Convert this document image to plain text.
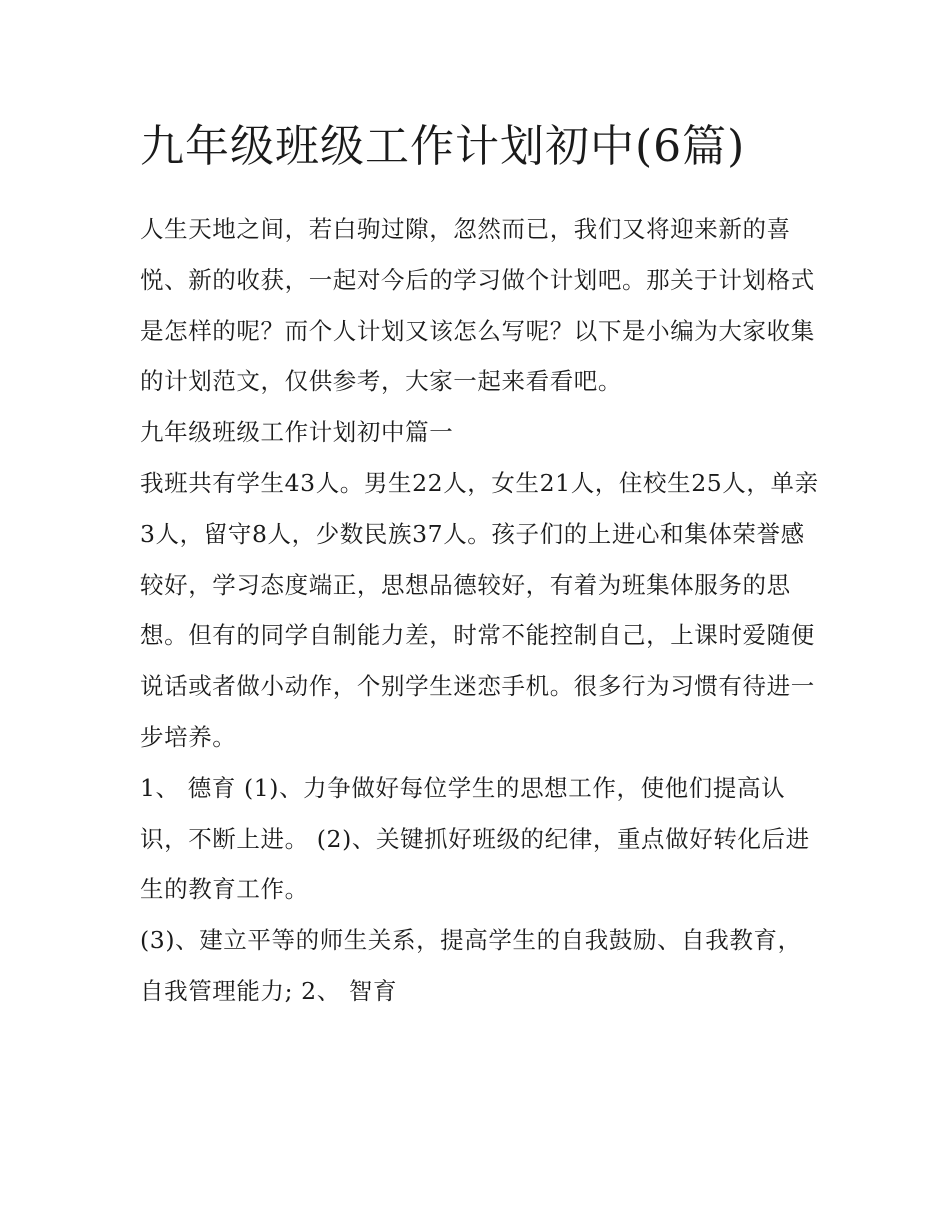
九年级班级工作计划初中(6篇)

人生天地之间，若白驹过隙，忽然而已，我们又将迎来新的喜悦、新的收获，一起对今后的学习做个计划吧。那关于计划格式是怎样的呢？而个人计划又该怎么写呢？以下是小编为大家收集的计划范文，仅供参考，大家一起来看看吧。

九年级班级工作计划初中篇一

我班共有学生43人。男生22人，女生21人，住校生25人，单亲3人，留守8人，少数民族37人。孩子们的上进心和集体荣誉感较好，学习态度端正，思想品德较好，有着为班集体服务的思想。但有的同学自制能力差，时常不能控制自己，上课时爱随便说话或者做小动作，个别学生迷恋手机。很多行为习惯有待进一步培养。

1、 德育 (1)、力争做好每位学生的思想工作，使他们提高认识，不断上进。 (2)、关键抓好班级的纪律，重点做好转化后进生的教育工作。

(3)、建立平等的师生关系，提高学生的自我鼓励、自我教育，自我管理能力; 2、 智育
